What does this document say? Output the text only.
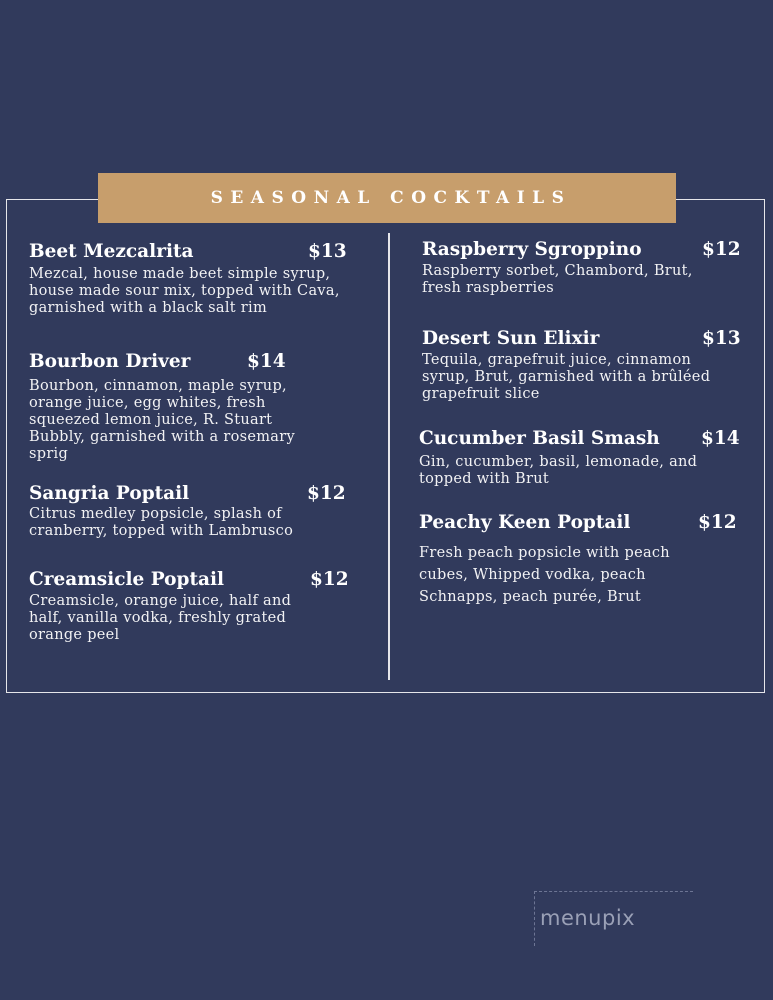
SEASONAL COCKTAILS
Beet Mezcalrita	$13
Mezcal, house made beet simple syrup, house made sour mix, topped with Cava, garnished with a black salt rim
Bourbon Driver	$14
Bourbon, cinnamon, maple syrup, orange juice, egg whites, fresh squeezed lemon juice, R. Stuart Bubbly, garnished with a rosemary sprig
Sangria Poptail	$12
Citrus medley popsicle, splash of cranberry, topped with Lambrusco
Creamsicle Poptail	$12
Creamsicle, orange juice, half and half, vanilla vodka, freshly grated orange peel
Raspberry Sgroppino	$12
Raspberry sorbet, Chambord, Brut, fresh raspberries
Desert Sun Elixir	$13
Tequila, grapefruit juice, cinnamon syrup, Brut, garnished with a brûléed grapefruit slice
Cucumber Basil Smash $14
Gin, cucumber, basil, lemonade, and topped with Brut
Peachy Keen Poptail	$12
Fresh peach popsicle with peach cubes, Whipped vodka, peach Schnapps, peach purée, Brut
menupix
